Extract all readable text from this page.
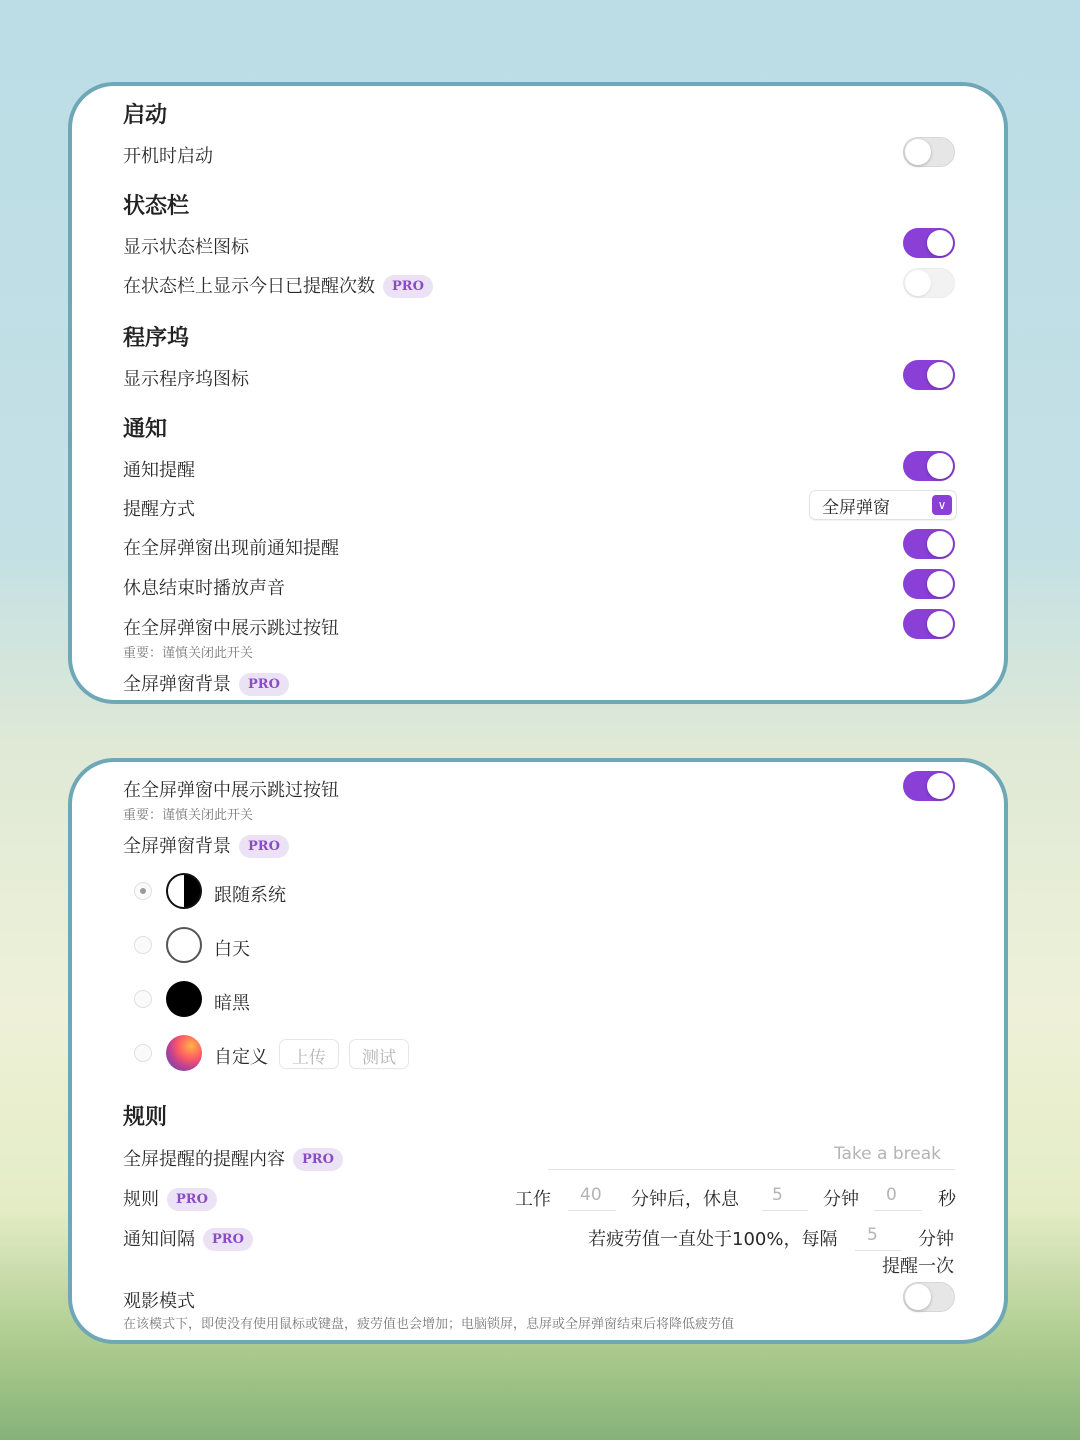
启动
开机时启动
状态栏
显示状态栏图标
在状态栏上显示今日已提醒次数 PRO
程序坞
显示程序坞图标
通知
通知提醒
提醒方式	全屏弹窗	∨
在全屏弹窗出现前通知提醒
休息结束时播放声音
在全屏弹窗中展示跳过按钮
重要：谨慎关闭此开关
全屏弹窗背景 PRO
在全屏弹窗中展示跳过按钮
重要：谨慎关闭此开关
全屏弹窗背景 PRO
跟随系统
白天
暗黑
自定义	上传	测试
规则
全屏提醒的提醒内容 PRO	Take a break
规则 PRO	工作	40	分钟后，休息	5	分钟	0	秒
通知间隔 PRO	若疲劳值一直处于100%，每隔	5	分钟
提醒一次
观影模式
在该模式下，即使没有使用鼠标或键盘，疲劳值也会增加；电脑锁屏，息屏或全屏弹窗结束后将降低疲劳值
